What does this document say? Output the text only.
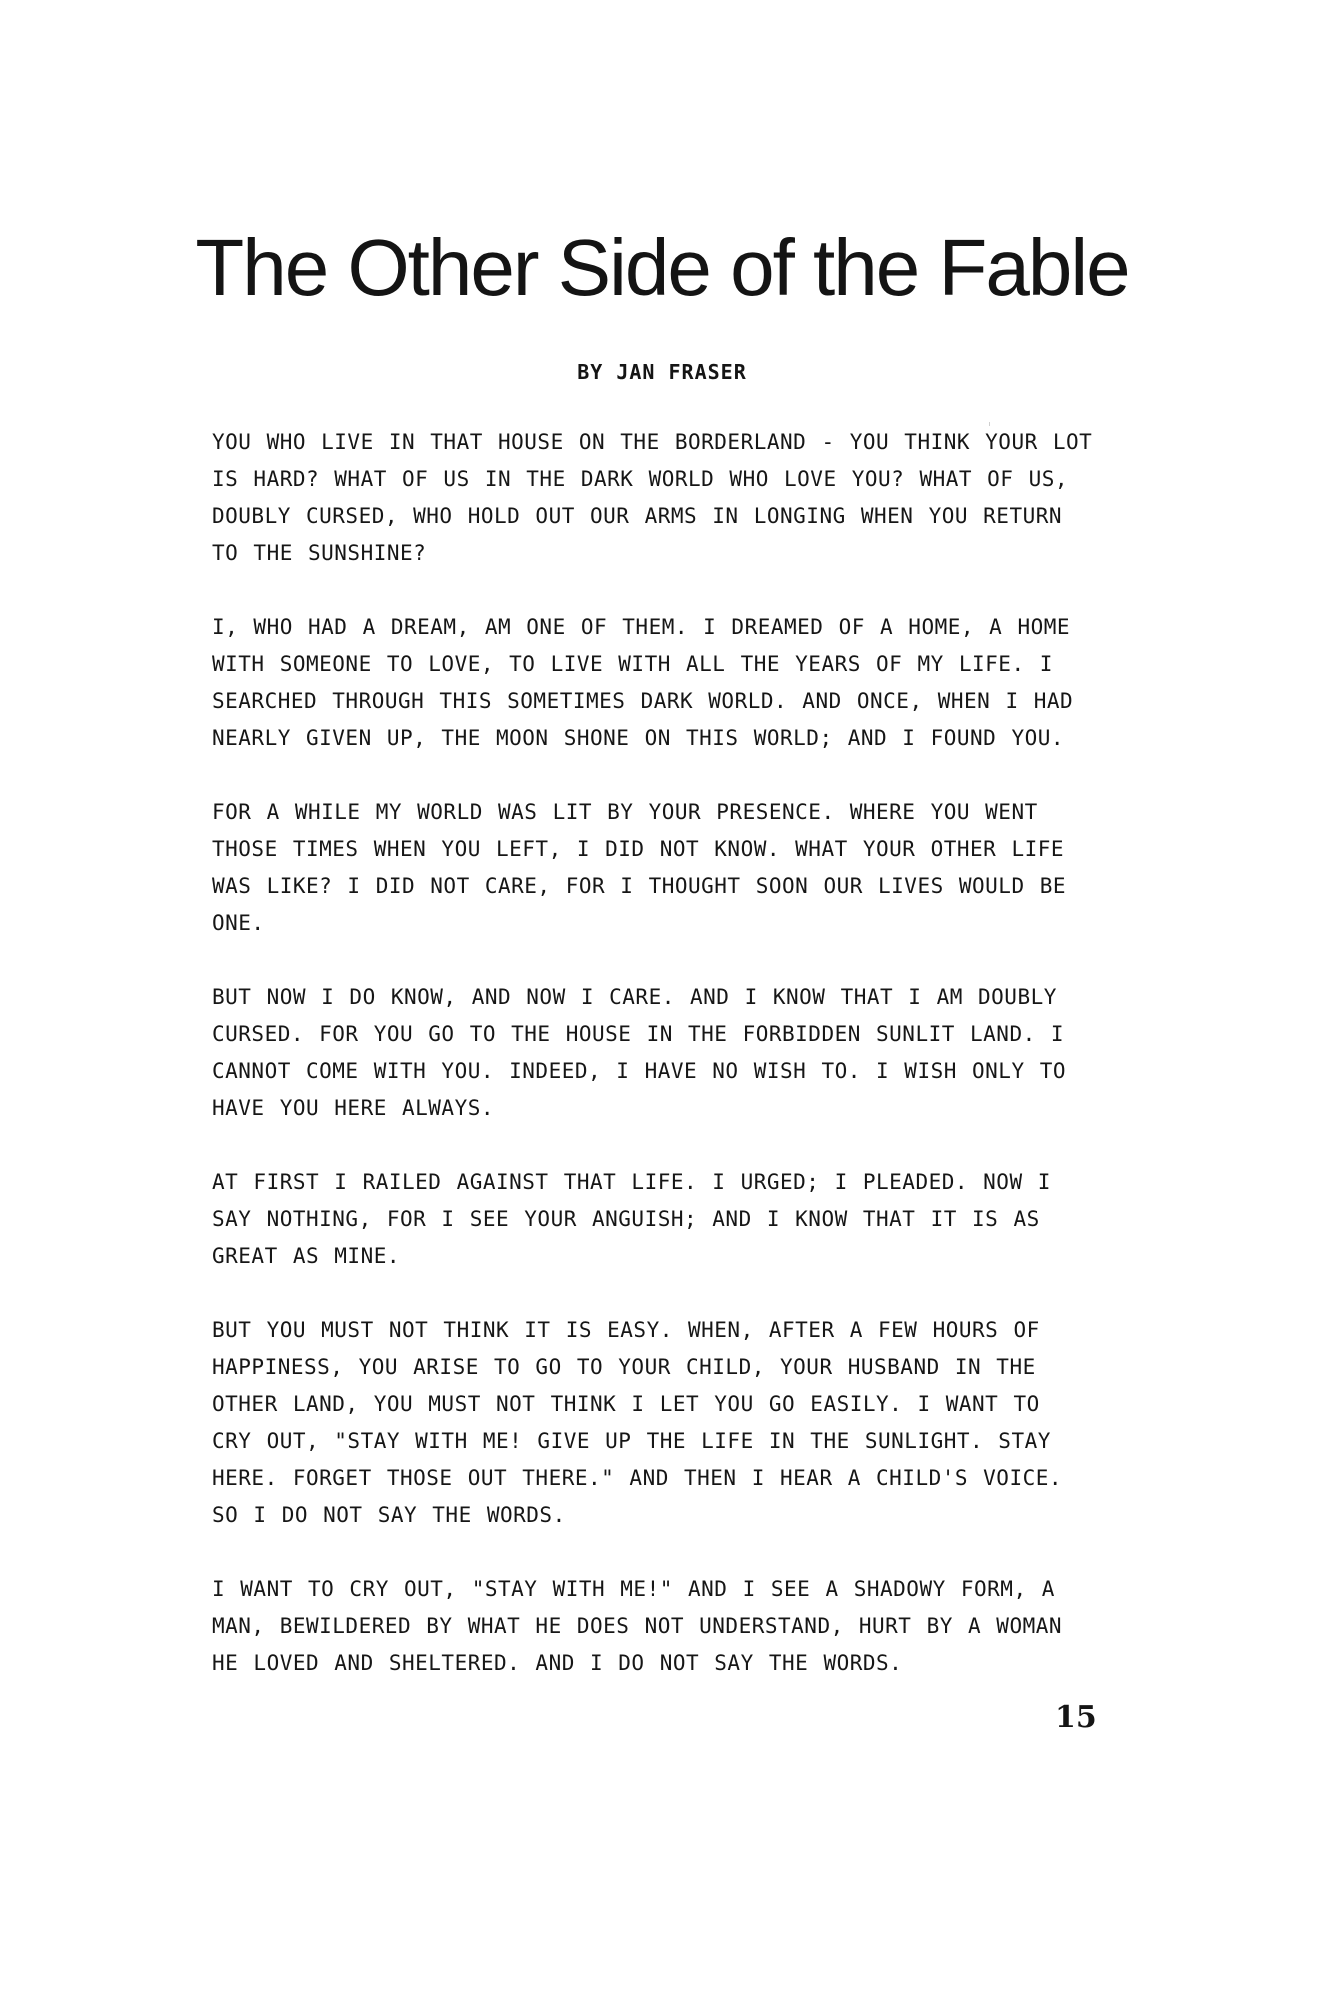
The Other Side of the Fable
BY JAN FRASER

YOU WHO LIVE IN THAT HOUSE ON THE BORDERLAND - YOU THINK YOUR LOT
IS HARD? WHAT OF US IN THE DARK WORLD WHO LOVE YOU? WHAT OF US,
DOUBLY CURSED, WHO HOLD OUT OUR ARMS IN LONGING WHEN YOU RETURN
TO THE SUNSHINE?

I, WHO HAD A DREAM, AM ONE OF THEM. I DREAMED OF A HOME, A HOME
WITH SOMEONE TO LOVE, TO LIVE WITH ALL THE YEARS OF MY LIFE. I
SEARCHED THROUGH THIS SOMETIMES DARK WORLD. AND ONCE, WHEN I HAD
NEARLY GIVEN UP, THE MOON SHONE ON THIS WORLD; AND I FOUND YOU.

FOR A WHILE MY WORLD WAS LIT BY YOUR PRESENCE. WHERE YOU WENT
THOSE TIMES WHEN YOU LEFT, I DID NOT KNOW. WHAT YOUR OTHER LIFE
WAS LIKE? I DID NOT CARE, FOR I THOUGHT SOON OUR LIVES WOULD BE
ONE.

BUT NOW I DO KNOW, AND NOW I CARE. AND I KNOW THAT I AM DOUBLY
CURSED. FOR YOU GO TO THE HOUSE IN THE FORBIDDEN SUNLIT LAND. I
CANNOT COME WITH YOU. INDEED, I HAVE NO WISH TO. I WISH ONLY TO
HAVE YOU HERE ALWAYS.

AT FIRST I RAILED AGAINST THAT LIFE. I URGED; I PLEADED. NOW I
SAY NOTHING, FOR I SEE YOUR ANGUISH; AND I KNOW THAT IT IS AS
GREAT AS MINE.

BUT YOU MUST NOT THINK IT IS EASY. WHEN, AFTER A FEW HOURS OF
HAPPINESS, YOU ARISE TO GO TO YOUR CHILD, YOUR HUSBAND IN THE
OTHER LAND, YOU MUST NOT THINK I LET YOU GO EASILY. I WANT TO
CRY OUT, "STAY WITH ME! GIVE UP THE LIFE IN THE SUNLIGHT. STAY
HERE. FORGET THOSE OUT THERE." AND THEN I HEAR A CHILD'S VOICE.
SO I DO NOT SAY THE WORDS.

I WANT TO CRY OUT, "STAY WITH ME!" AND I SEE A SHADOWY FORM, A
MAN, BEWILDERED BY WHAT HE DOES NOT UNDERSTAND, HURT BY A WOMAN
HE LOVED AND SHELTERED. AND I DO NOT SAY THE WORDS.

15
